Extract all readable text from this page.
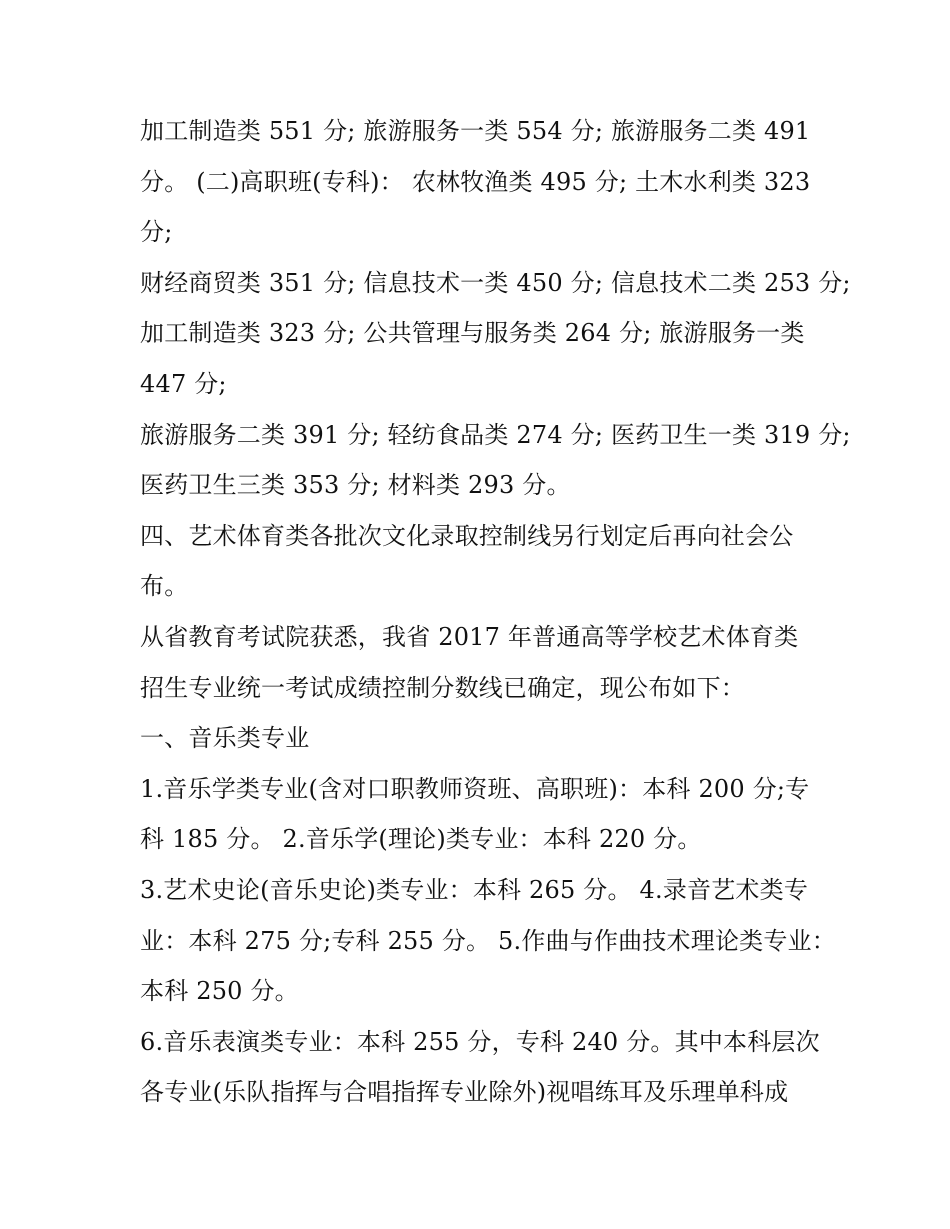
加工制造类 551 分; 旅游服务一类 554 分; 旅游服务二类 491
分。 (二)高职班(专科)： 农林牧渔类 495 分; 土木水利类 323
分;
财经商贸类 351 分; 信息技术一类 450 分; 信息技术二类 253 分;
加工制造类 323 分; 公共管理与服务类 264 分; 旅游服务一类
447 分;
旅游服务二类 391 分; 轻纺食品类 274 分; 医药卫生一类 319 分;
医药卫生三类 353 分; 材料类 293 分。
四、艺术体育类各批次文化录取控制线另行划定后再向社会公
布。
从省教育考试院获悉，我省 2017 年普通高等学校艺术体育类
招生专业统一考试成绩控制分数线已确定，现公布如下：
一、音乐类专业
1.音乐学类专业(含对口职教师资班、高职班)：本科 200 分;专
科 185 分。 2.音乐学(理论)类专业：本科 220 分。
3.艺术史论(音乐史论)类专业：本科 265 分。 4.录音艺术类专
业：本科 275 分;专科 255 分。 5.作曲与作曲技术理论类专业：
本科 250 分。
6.音乐表演类专业：本科 255 分，专科 240 分。其中本科层次
各专业(乐队指挥与合唱指挥专业除外)视唱练耳及乐理单科成
